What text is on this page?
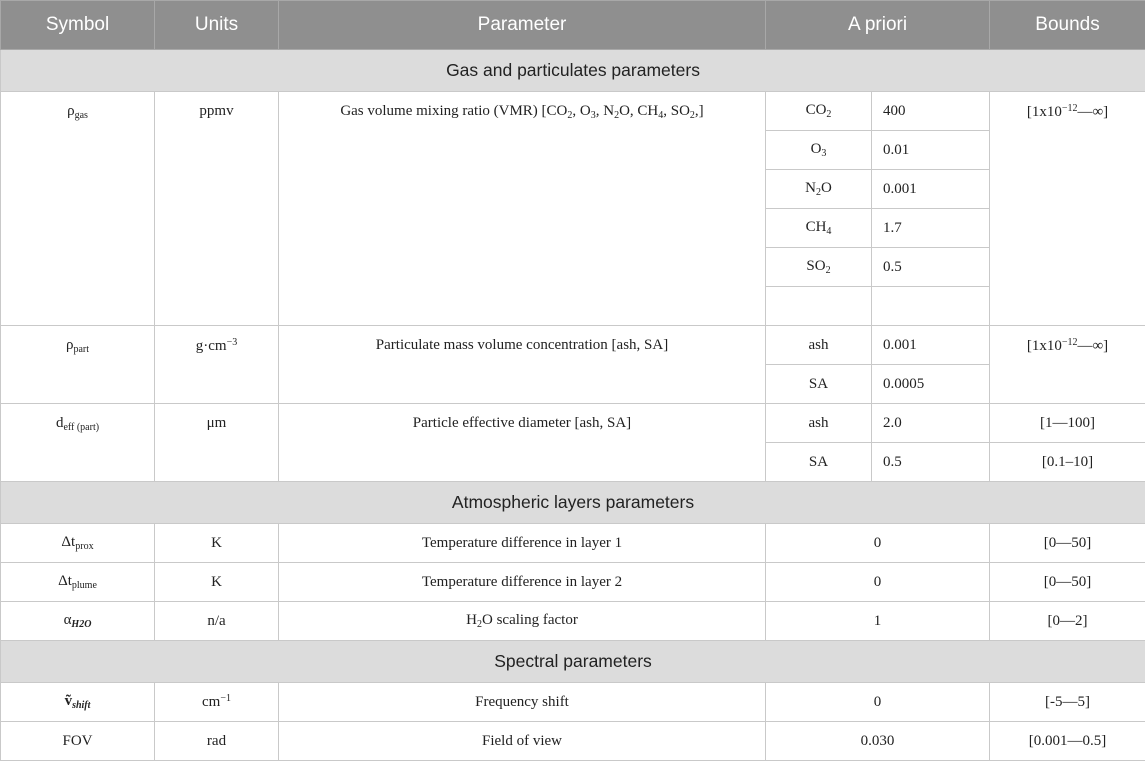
Symbol	Units	Parameter	A priori		Bounds
Gas and particulates parameters					
$\rho_{gas}$	ppmv	Gas volume mixing ratio (VMR) [$CO_2$, $O_3$, $N_2O$, $CH_4$, $SO_2$,]	$CO_2$	400	$[1x10^{-12}—\infty]$
			$O_3$	0.01	
			$N_2O$	0.001	
			$CH_4$	1.7	
			$SO_2$	0.5	

$\rho_{part}$	$g\cdot cm^{-3}$	Particulate mass volume concentration [ash, SA]	ash	0.001	$[1x10^{-12}—\infty]$
			SA	0.0005	
$d_{eff (part)}$	μm	Particle effective diameter [ash, SA]	ash	2.0	[1—100]
			SA	0.5	[0.1–10]
Atmospheric layers parameters					
$\Delta t_{prox}$	K	Temperature difference in layer 1	0		[0—50]
$\Delta t_{plume}$	K	Temperature difference in layer 2	0		[0—50]
$\alpha_{H2O}$	n/a	$H_2O$ scaling factor	1		[0—2]
Spectral parameters					
ṽ$_{shift}$	$cm^{-1}$	Frequency shift	0		[-5—5]
FOV	rad	Field of view	0.030		[0.001—0.5]
